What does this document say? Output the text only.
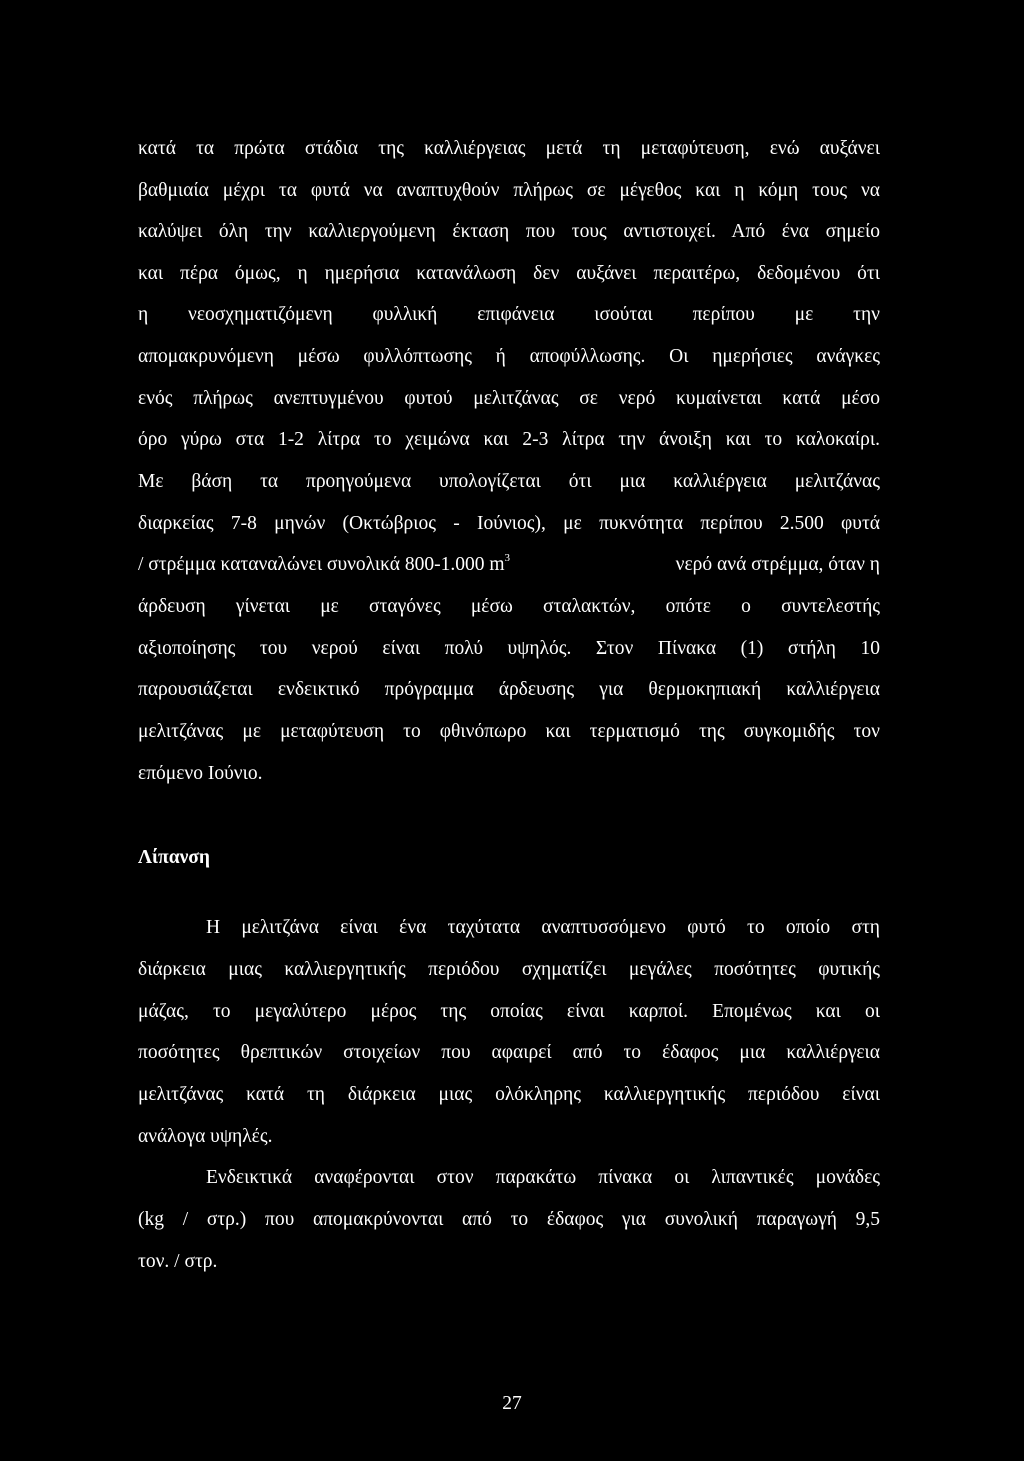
κατά τα πρώτα στάδια της καλλιέργειας μετά τη μεταφύτευση, ενώ αυξάνει
βαθμιαία μέχρι τα φυτά να αναπτυχθούν πλήρως σε μέγεθος και η κόμη τους να
καλύψει όλη την καλλιεργούμενη έκταση που τους αντιστοιχεί. Από ένα σημείο
και πέρα όμως, η ημερήσια κατανάλωση δεν αυξάνει περαιτέρω, δεδομένου ότι
η νεοσχηματιζόμενη φυλλική επιφάνεια ισούται περίπου με την
απομακρυνόμενη μέσω φυλλόπτωσης ή αποφύλλωσης. Οι ημερήσιες ανάγκες
ενός πλήρως ανεπτυγμένου φυτού μελιτζάνας σε νερό κυμαίνεται κατά μέσο
όρο γύρω στα 1-2 λίτρα το χειμώνα και 2-3 λίτρα την άνοιξη και το καλοκαίρι.
Με βάση τα προηγούμενα υπολογίζεται ότι μια καλλιέργεια μελιτζάνας
διαρκείας 7-8 μηνών (Οκτώβριος - Ιούνιος), με πυκνότητα περίπου 2.500 φυτά
/ στρέμμα καταναλώνει συνολικά 800-1.000 $m^3$	νερό ανά στρέμμα, όταν η
άρδευση γίνεται με σταγόνες μέσω σταλακτών, οπότε ο συντελεστής
αξιοποίησης του νερού είναι πολύ υψηλός. Στον Πίνακα (1) στήλη 10
παρουσιάζεται ενδεικτικό πρόγραμμα άρδευσης για θερμοκηπιακή καλλιέργεια
μελιτζάνας με μεταφύτευση το φθινόπωρο και τερματισμό της συγκομιδής τον
επόμενο Ιούνιο.
Λίπανση
Η μελιτζάνα είναι ένα ταχύτατα αναπτυσσόμενο φυτό το οποίο στη
διάρκεια μιας καλλιεργητικής περιόδου σχηματίζει μεγάλες ποσότητες φυτικής
μάζας, το μεγαλύτερο μέρος της οποίας είναι καρποί. Επομένως και οι
ποσότητες θρεπτικών στοιχείων που αφαιρεί από το έδαφος μια καλλιέργεια
μελιτζάνας κατά τη διάρκεια μιας ολόκληρης καλλιεργητικής περιόδου είναι
ανάλογα υψηλές.
Ενδεικτικά αναφέρονται στον παρακάτω πίνακα οι λιπαντικές μονάδες
(kg / στρ.) που απομακρύνονται από το έδαφος για συνολική παραγωγή 9,5
τον. / στρ.
27
